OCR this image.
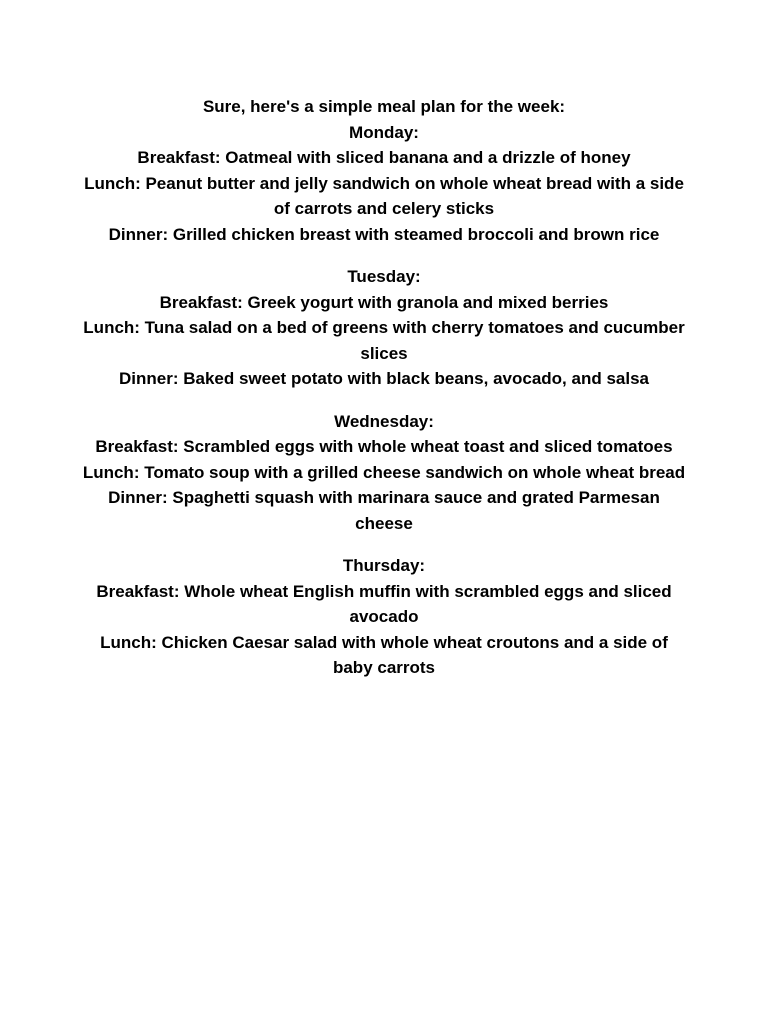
Sure, here's a simple meal plan for the week:

Monday:

Breakfast: Oatmeal with sliced banana and a drizzle of honey

Lunch: Peanut butter and jelly sandwich on whole wheat bread with a side of carrots and celery sticks

Dinner: Grilled chicken breast with steamed broccoli and brown rice

Tuesday:

Breakfast: Greek yogurt with granola and mixed berries

Lunch: Tuna salad on a bed of greens with cherry tomatoes and cucumber slices

Dinner: Baked sweet potato with black beans, avocado, and salsa

Wednesday:

Breakfast: Scrambled eggs with whole wheat toast and sliced tomatoes

Lunch: Tomato soup with a grilled cheese sandwich on whole wheat bread

Dinner: Spaghetti squash with marinara sauce and grated Parmesan cheese

Thursday:

Breakfast: Whole wheat English muffin with scrambled eggs and sliced avocado

Lunch: Chicken Caesar salad with whole wheat croutons and a side of baby carrots
